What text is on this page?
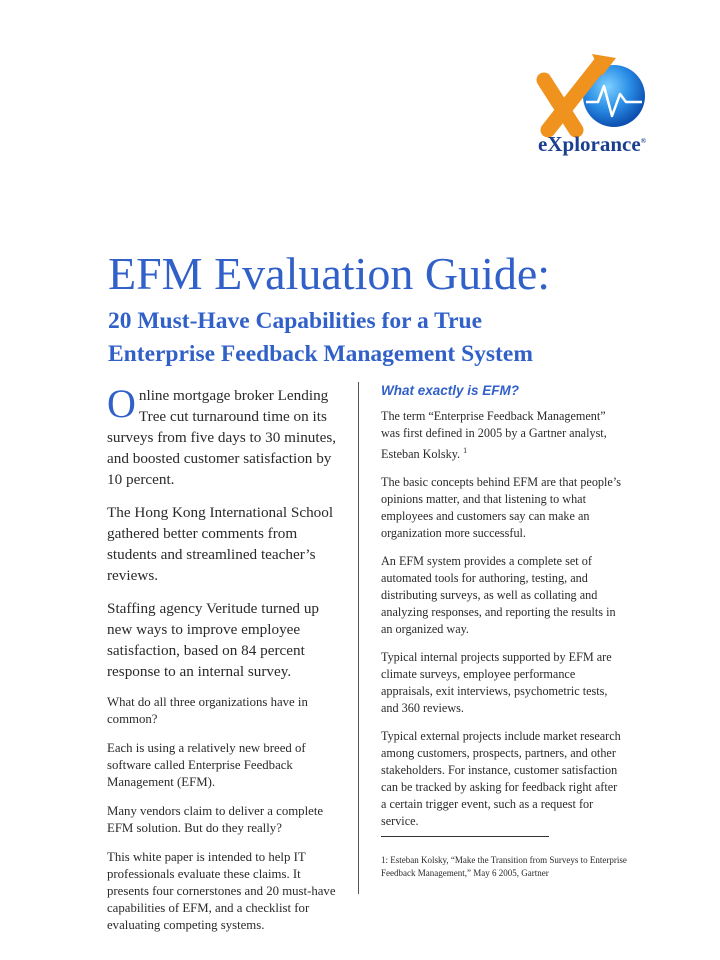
eXplorance®
EFM Evaluation Guide:
20 Must-Have Capabilities for a True
Enterprise Feedback Management System

Online mortgage broker Lending Tree cut turnaround time on its surveys from five days to 30 minutes, and boosted customer satisfaction by 10 percent.

The Hong Kong International School gathered better comments from students and streamlined teacher’s reviews.

Staffing agency Veritude turned up new ways to improve employee satisfaction, based on 84 percent response to an internal survey.

What do all three organizations have in common?

Each is using a relatively new breed of software called Enterprise Feedback Management (EFM).

Many vendors claim to deliver a complete EFM solution. But do they really?

This white paper is intended to help IT professionals evaluate these claims. It presents four cornerstones and 20 must-have capabilities of EFM, and a checklist for evaluating competing systems.

What exactly is EFM?

The term “Enterprise Feedback Management” was first defined in 2005 by a Gartner analyst, Esteban Kolsky. $^1$

The basic concepts behind EFM are that people’s opinions matter, and that listening to what employees and customers say can make an organization more successful.

An EFM system provides a complete set of automated tools for authoring, testing, and distributing surveys, as well as collating and analyzing responses, and reporting the results in an organized way.

Typical internal projects supported by EFM are climate surveys, employee performance appraisals, exit interviews, psychometric tests, and 360 reviews.

Typical external projects include market research among customers, prospects, partners, and other stakeholders. For instance, customer satisfaction can be tracked by asking for feedback right after a certain trigger event, such as a request for service.

1: Esteban Kolsky, “Make the Transition from Surveys to Enterprise Feedback Management,” May 6 2005, Gartner
